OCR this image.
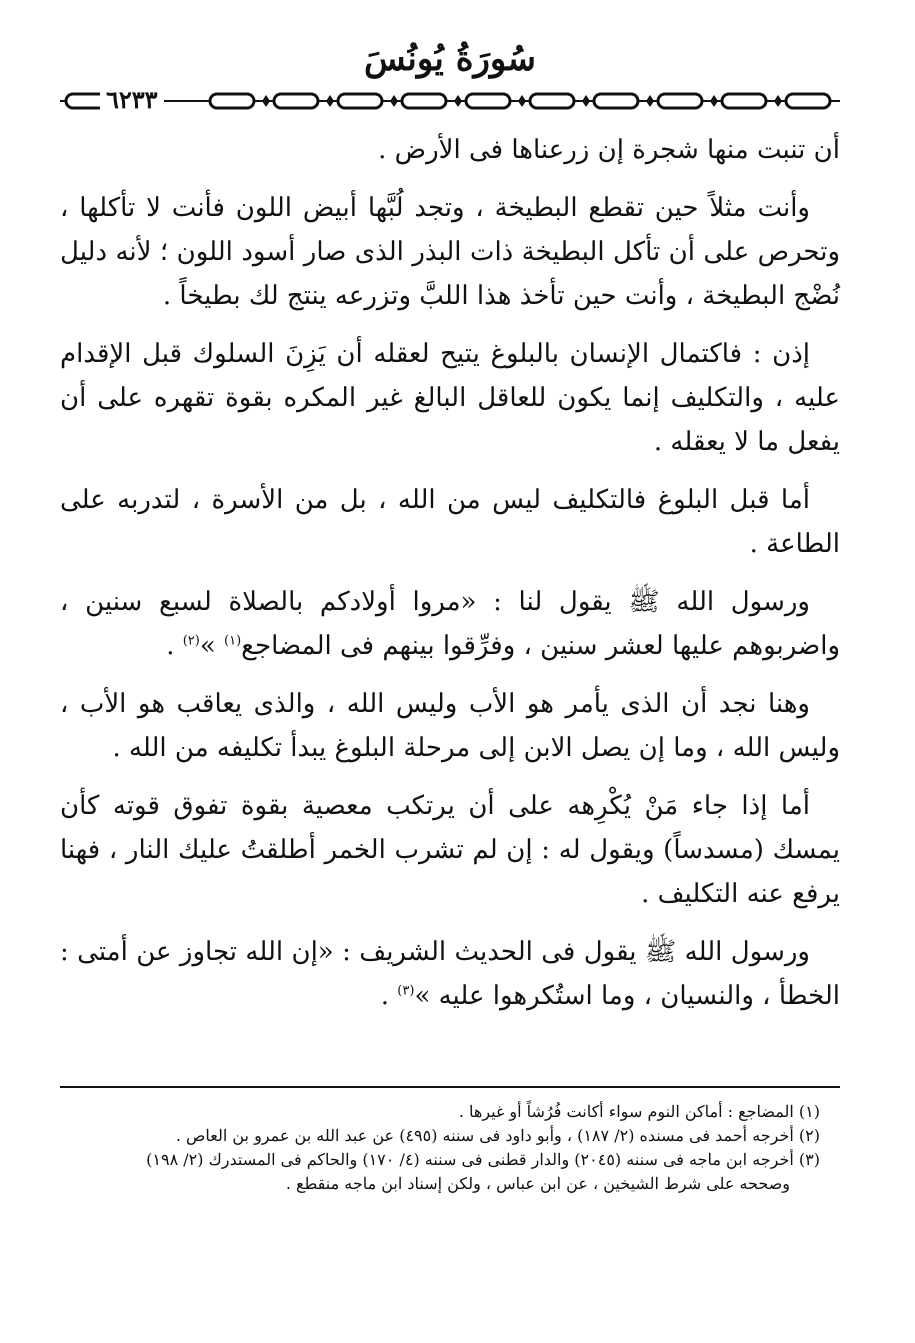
سُورَةُ يُونُسَ
٦٢٣٣

أن تنبت منها شجرة إن زرعناها فى الأرض .

وأنت مثلاً حين تقطع البطيخة ، وتجد لُبَّها أبيض اللون فأنت لا تأكلها ، وتحرص على أن تأكل البطيخة ذات البذر الذى صار أسود اللون ؛ لأنه دليل نُضْج البطيخة ، وأنت حين تأخذ هذا اللبَّ وتزرعه ينتج لك بطيخاً .

إذن : فاكتمال الإنسان بالبلوغ يتيح لعقله أن يَزِنَ السلوك قبل الإقدام عليه ، والتكليف إنما يكون للعاقل البالغ غير المكره بقوة تقهره على أن يفعل ما لا يعقله .

أما قبل البلوغ فالتكليف ليس من الله ، بل من الأسرة ، لتدربه على الطاعة .

ورسول الله ﷺ يقول لنا : «مروا أولادكم بالصلاة لسبع سنين ، واضربوهم عليها لعشر سنين ، وفرِّقوا بينهم فى المضاجع$^{(١)}$ »$^{(٢)}$ .

وهنا نجد أن الذى يأمر هو الأب وليس الله ، والذى يعاقب هو الأب ، وليس الله ، وما إن يصل الابن إلى مرحلة البلوغ يبدأ تكليفه من الله .

أما إذا جاء مَنْ يُكْرِهه على أن يرتكب معصية بقوة تفوق قوته كأن يمسك (مسدساً) ويقول له : إن لم تشرب الخمر أطلقتُ عليك النار ، فهنا يرفع عنه التكليف .

ورسول الله ﷺ يقول فى الحديث الشريف : «إن الله تجاوز عن أمتى : الخطأ ، والنسيان ، وما استُكرهوا عليه »$^{(٣)}$ .

(١) المضاجع : أماكن النوم سواء أكانت فُرُشاً أو غيرها .
(٢) أخرجه أحمد فى مسنده (٢/ ١٨٧) ، وأبو داود فى سننه (٤٩٥) عن عبد الله بن عمرو بن العاص .
(٣) أخرجه ابن ماجه فى سننه (٢٠٤٥) والدار قطنى فى سننه (٤/ ١٧٠) والحاكم فى المستدرك (٢/ ١٩٨)
وصححه على شرط الشيخين ، عن ابن عباس ، ولكن إسناد ابن ماجه منقطع .
